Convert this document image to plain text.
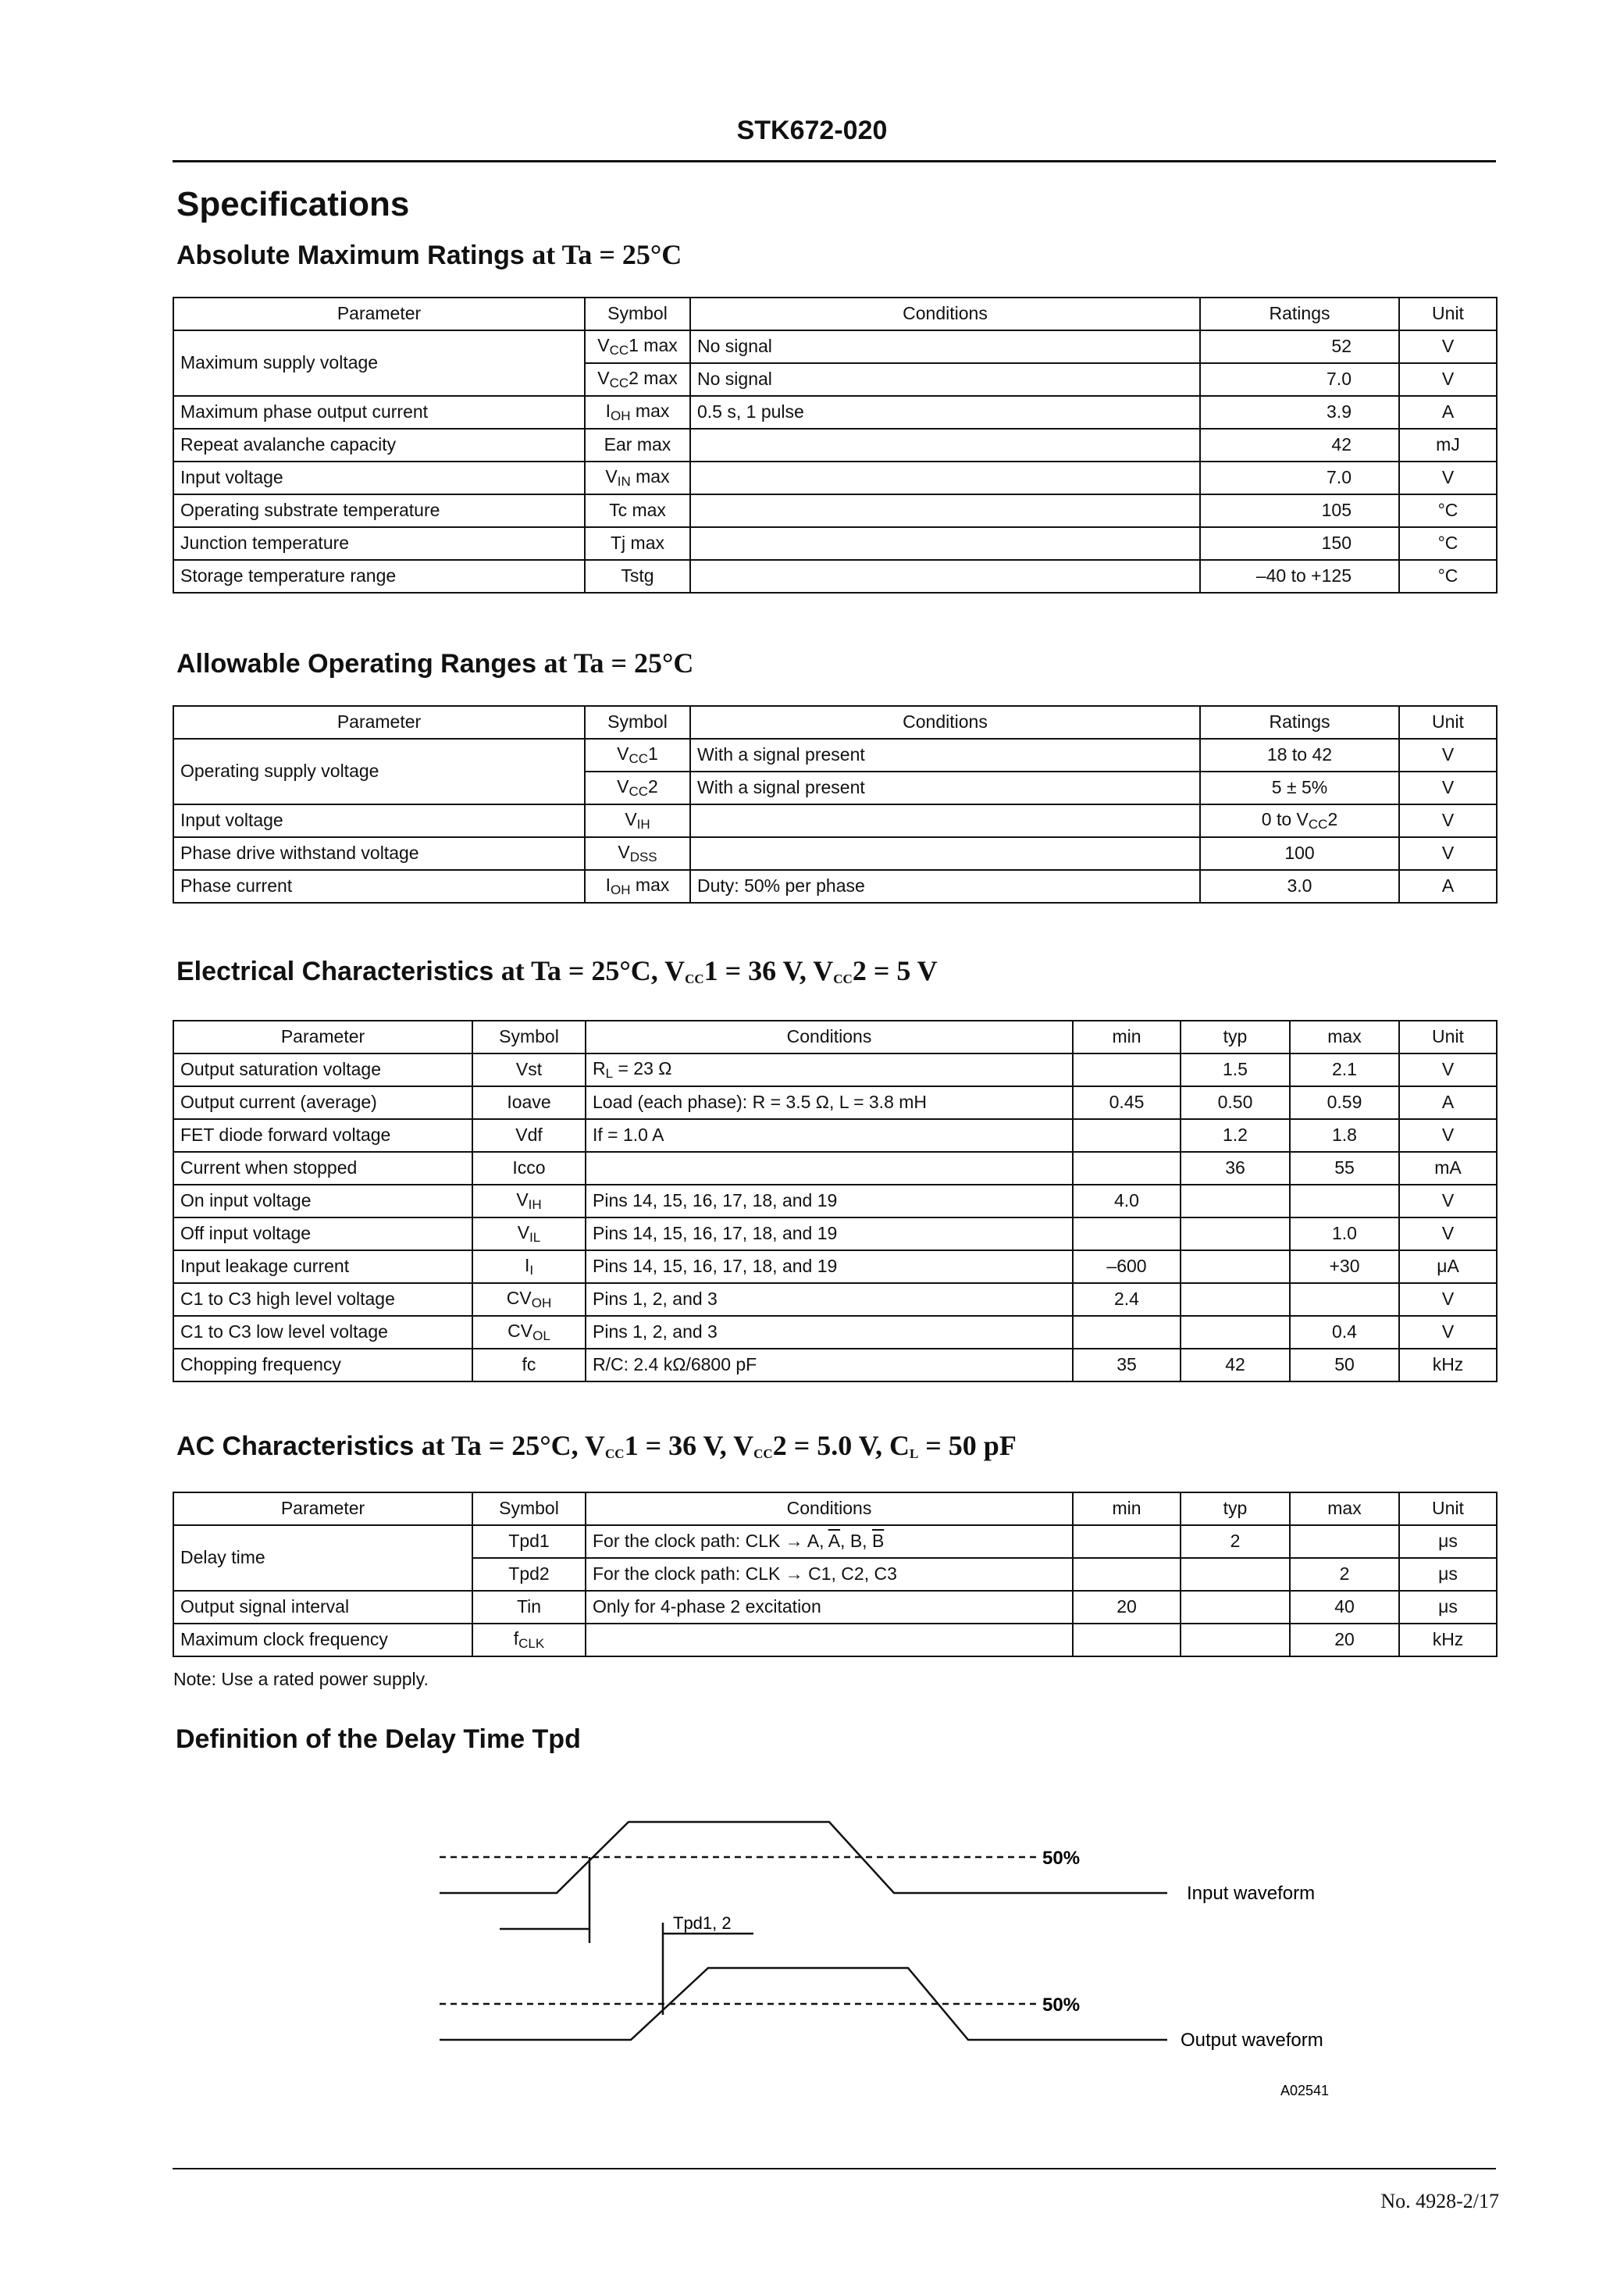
STK672-020
Specifications
Absolute Maximum Ratings at Ta = 25°C
Parameter	Symbol	Conditions	Ratings	Unit
Maximum supply voltage	$V_{CC}1$ max	No signal	52	V
	$V_{CC}2$ max	No signal	7.0	V
Maximum phase output current	$I_{OH}$ max	0.5 s, 1 pulse	3.9	A
Repeat avalanche capacity	Ear max		42	mJ
Input voltage	$V_{IN}$ max		7.0	V
Operating substrate temperature	Tc max		105	°C
Junction temperature	Tj max		150	°C
Storage temperature range	Tstg		–40 to +125	°C
Allowable Operating Ranges at Ta = 25°C
Parameter	Symbol	Conditions	Ratings	Unit
Operating supply voltage	$V_{CC}1$	With a signal present	18 to 42	V
	$V_{CC}2$	With a signal present	5 ± 5%	V
Input voltage	$V_{IH}$		0 to $V_{CC}2$	V
Phase drive withstand voltage	$V_{DSS}$		100	V
Phase current	$I_{OH}$ max	Duty: 50% per phase	3.0	A
Electrical Characteristics at Ta = 25°C, $V_{CC}1 = 36$ V, $V_{CC}2 = 5$ V
Parameter	Symbol	Conditions	min	typ	max	Unit
Output saturation voltage	Vst	$R_L = 23$ Ω		1.5	2.1	V
Output current (average)	Ioave	Load (each phase): R = 3.5 Ω, L = 3.8 mH	0.45	0.50	0.59	A
FET diode forward voltage	Vdf	If = 1.0 A		1.2	1.8	V
Current when stopped	Icco			36	55	mA
On input voltage	$V_{IH}$	Pins 14, 15, 16, 17, 18, and 19	4.0			V
Off input voltage	$V_{IL}$	Pins 14, 15, 16, 17, 18, and 19			1.0	V
Input leakage current	$I_I$	Pins 14, 15, 16, 17, 18, and 19	–600		+30	μA
C1 to C3 high level voltage	$CV_{OH}$	Pins 1, 2, and 3	2.4			V
C1 to C3 low level voltage	$CV_{OL}$	Pins 1, 2, and 3			0.4	V
Chopping frequency	fc	R/C: 2.4 kΩ/6800 pF	35	42	50	kHz
AC Characteristics at Ta = 25°C, $V_{CC}1 = 36$ V, $V_{CC}2 = 5.0$ V, $C_L = 50$ pF
Parameter	Symbol	Conditions	min	typ	max	Unit
Delay time	Tpd1	For the clock path: CLK → A, $\overline{A}$, B, $\overline{B}$		2		μs
	Tpd2	For the clock path: CLK → C1, C2, C3			2	μs
Output signal interval	Tin	Only for 4-phase 2 excitation	20		40	μs
Maximum clock frequency	$f_{CLK}$				20	kHz
Note: Use a rated power supply.
Definition of the Delay Time Tpd
50%
50%
Tpd1, 2
Input waveform
Output waveform
A02541
No. 4928-2/17
